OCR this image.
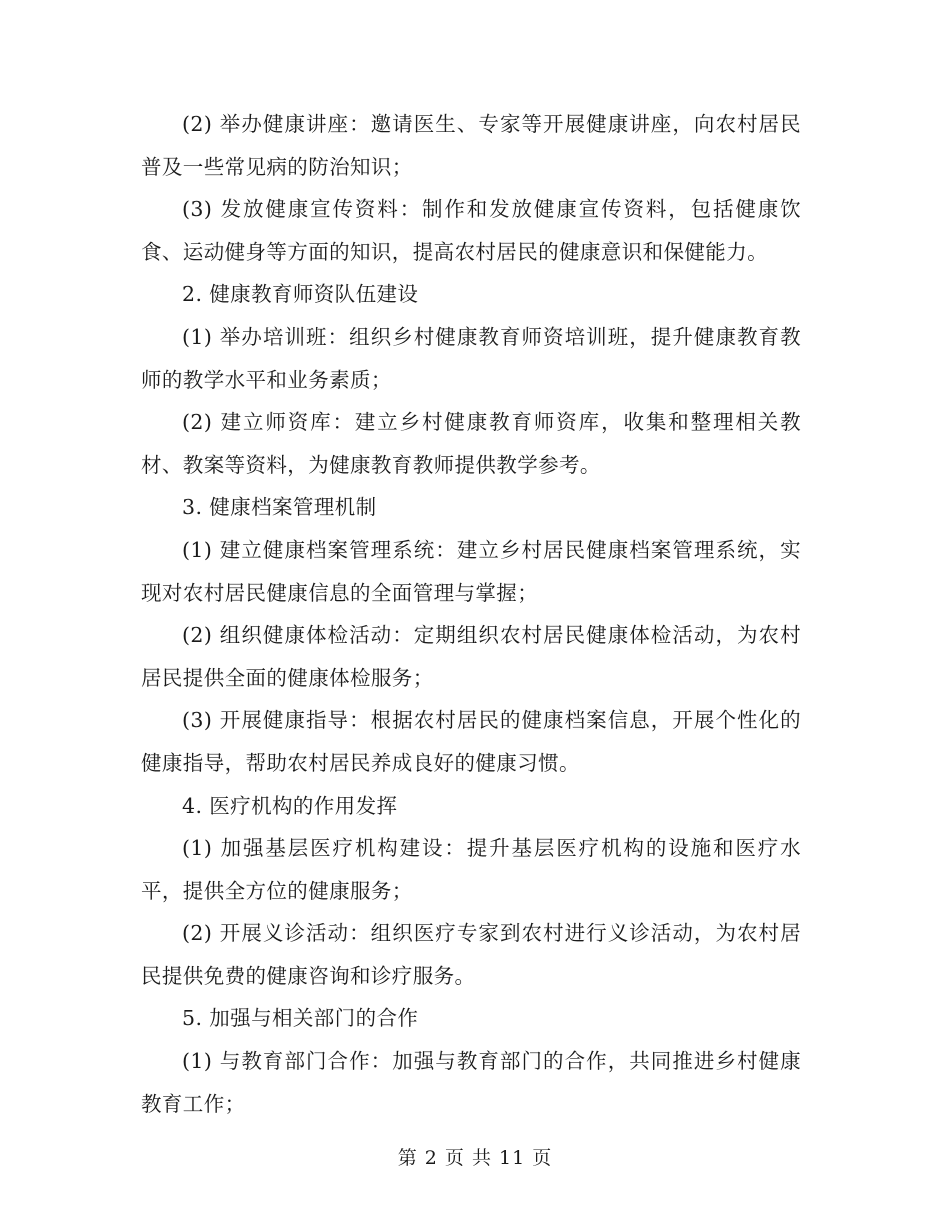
(2) 举办健康讲座：邀请医生、专家等开展健康讲座，向农村居民普及一些常见病的防治知识；

(3) 发放健康宣传资料：制作和发放健康宣传资料，包括健康饮食、运动健身等方面的知识，提高农村居民的健康意识和保健能力。

2. 健康教育师资队伍建设

(1) 举办培训班：组织乡村健康教育师资培训班，提升健康教育教师的教学水平和业务素质；

(2) 建立师资库：建立乡村健康教育师资库，收集和整理相关教材、教案等资料，为健康教育教师提供教学参考。

3. 健康档案管理机制

(1) 建立健康档案管理系统：建立乡村居民健康档案管理系统，实现对农村居民健康信息的全面管理与掌握；

(2) 组织健康体检活动：定期组织农村居民健康体检活动，为农村居民提供全面的健康体检服务；

(3) 开展健康指导：根据农村居民的健康档案信息，开展个性化的健康指导，帮助农村居民养成良好的健康习惯。

4. 医疗机构的作用发挥

(1) 加强基层医疗机构建设：提升基层医疗机构的设施和医疗水平，提供全方位的健康服务；

(2) 开展义诊活动：组织医疗专家到农村进行义诊活动，为农村居民提供免费的健康咨询和诊疗服务。

5. 加强与相关部门的合作

(1) 与教育部门合作：加强与教育部门的合作，共同推进乡村健康教育工作；

第 2 页 共 11 页
